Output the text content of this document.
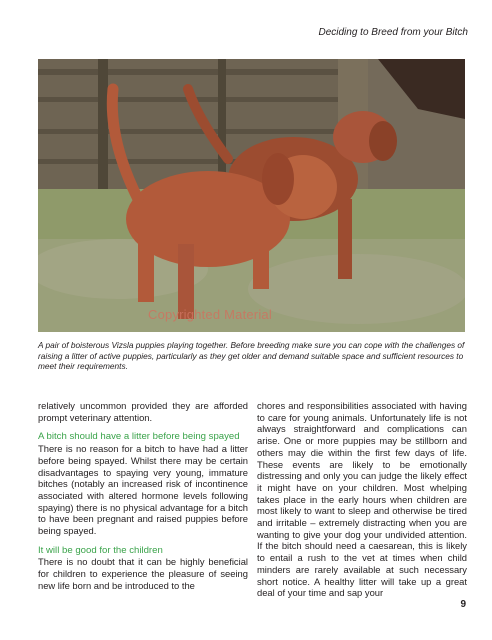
Deciding to Breed from your Bitch
Copyrighted Material
A pair of boisterous Vizsla puppies playing together. Before breeding make sure you can cope with the challenges of raising a litter of active puppies, particularly as they get older and demand suitable space and sufficient resources to meet their requirements.

relatively uncommon provided they are afforded prompt veterinary attention.

A bitch should have a litter before being spayed

There is no reason for a bitch to have had a litter before being spayed. Whilst there may be certain disadvantages to spaying very young, immature bitches (notably an increased risk of incontinence associated with altered hormone levels following spaying) there is no physical advantage for a bitch to have been pregnant and raised puppies before being spayed.

It will be good for the children

There is no doubt that it can be highly beneficial for children to experience the pleasure of seeing new life born and be introduced to the

chores and responsibilities associated with having to care for young animals. Unfortunately life is not always straightforward and complications can arise. One or more puppies may be stillborn and others may die within the first few days of life. These events are likely to be emotionally distressing and only you can judge the likely effect it might have on your children. Most whelping takes place in the early hours when children are most likely to want to sleep and otherwise be tired and irritable – extremely distracting when you are wanting to give your dog your undivided attention. If the bitch should need a caesarean, this is likely to entail a rush to the vet at times when child minders are rarely available at such necessary short notice. A healthy litter will take up a great deal of your time and sap your

9
